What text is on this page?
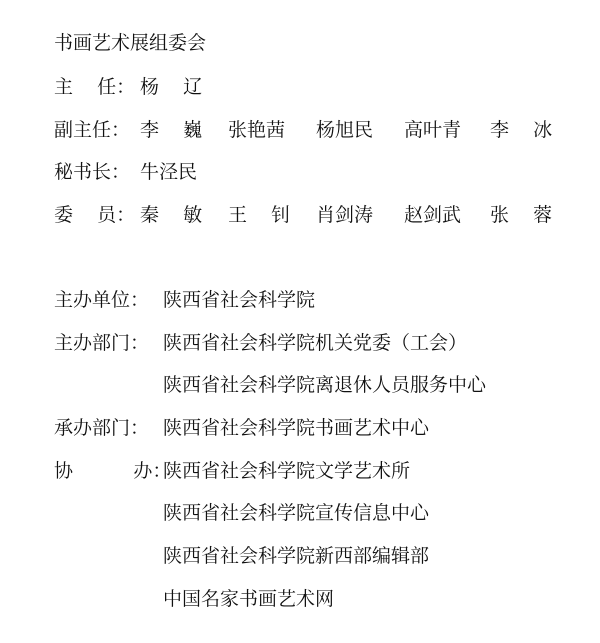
书画艺术展组委会
主    任： 杨    辽
副主任： 李    巍 张艳茜 杨旭民 高叶青 李    冰
秘书长： 牛泾民
委    员： 秦    敏 王    钊 肖剑涛 赵剑武 张    蓉
主办单位： 陕西省社会科学院
主办部门： 陕西省社会科学院机关党委（工会）
陕西省社会科学院离退休人员服务中心
承办部门： 陕西省社会科学院书画艺术中心
协          办：
陕西省社会科学院文学艺术所
陕西省社会科学院宣传信息中心
陕西省社会科学院新西部编辑部
中国名家书画艺术网
